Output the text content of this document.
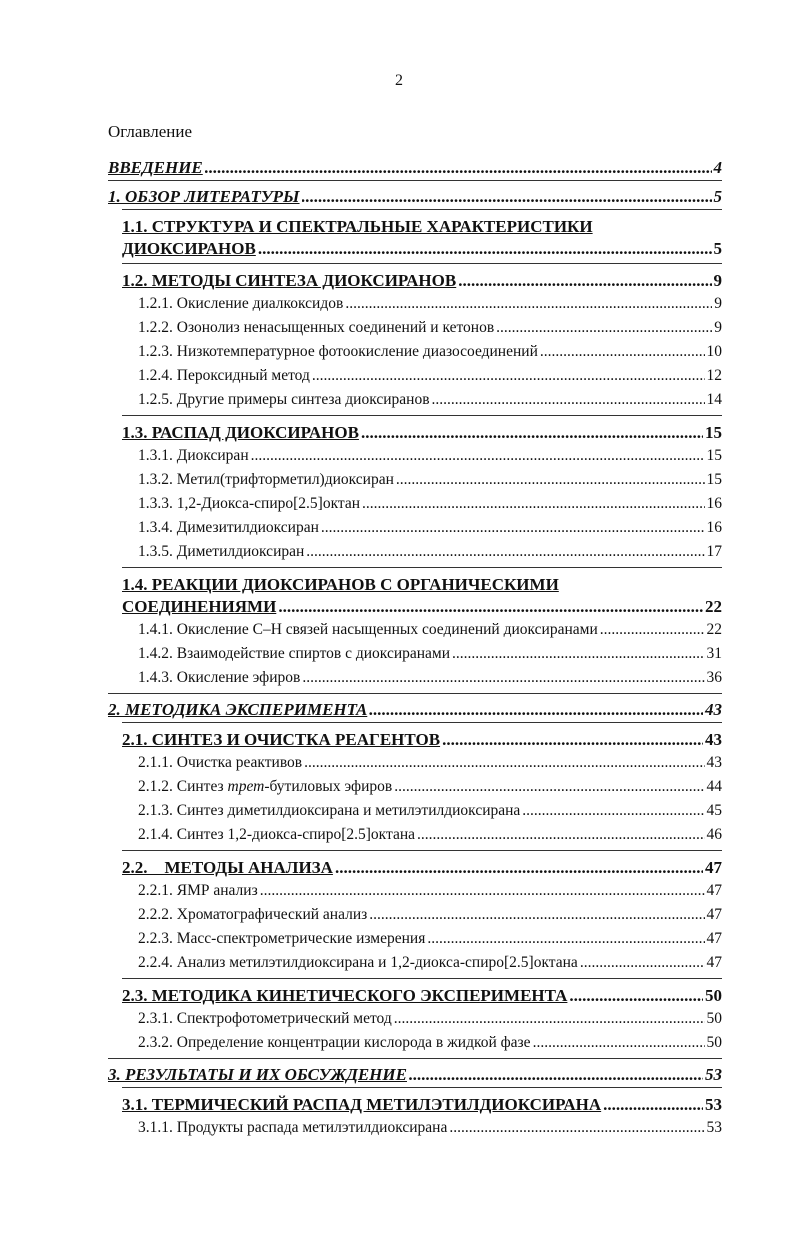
2
Оглавление
ВВЕДЕНИЕ .....	4
1. ОБЗОР ЛИТЕРАТУРЫ .....	5
1.1. СТРУКТУРА И СПЕКТРАЛЬНЫЕ ХАРАКТЕРИСТИКИ
ДИОКСИРАНОВ .....	5
1.2. МЕТОДЫ СИНТЕЗА ДИОКСИРАНОВ .....	9
1.2.1. Окисление диалкоксидов .....	9
1.2.2. Озонолиз ненасыщенных соединений и кетонов .....	9
1.2.3. Низкотемпературное фотоокисление диазосоединений .....	10
1.2.4. Пероксидный метод .....	12
1.2.5. Другие примеры синтеза диоксиранов .....	14
1.3. РАСПАД ДИОКСИРАНОВ .....	15
1.3.1. Диоксиран .....	15
1.3.2. Метил(трифторметил)диоксиран .....	15
1.3.3. 1,2-Диокса-спиро[2.5]октан .....	16
1.3.4. Димезитилдиоксиран .....	16
1.3.5. Диметилдиоксиран .....	17
1.4. РЕАКЦИИ ДИОКСИРАНОВ С ОРГАНИЧЕСКИМИ
СОЕДИНЕНИЯМИ .....	22
1.4.1. Окисление С–Н связей насыщенных соединений диоксиранами .....	22
1.4.2. Взаимодействие спиртов с диоксиранами .....	31
1.4.3. Окисление эфиров .....	36
2. МЕТОДИКА ЭКСПЕРИМЕНТА .....	43
2.1. СИНТЕЗ И ОЧИСТКА РЕАГЕНТОВ .....	43
2.1.1. Очистка реактивов .....	43
2.1.2. Синтез трет-бутиловых эфиров .....	44
2.1.3. Синтез диметилдиоксирана и метилэтилдиоксирана .....	45
2.1.4. Синтез 1,2-диокса-спиро[2.5]октана .....	46
2.2.    МЕТОДЫ АНАЛИЗА .....	47
2.2.1. ЯМР анализ .....	47
2.2.2. Хроматографический анализ .....	47
2.2.3. Масс-спектрометрические измерения .....	47
2.2.4. Анализ метилэтилдиоксирана и 1,2-диокса-спиро[2.5]октана .....	47
2.3. МЕТОДИКА КИНЕТИЧЕСКОГО ЭКСПЕРИМЕНТА .....	50
2.3.1. Спектрофотометрический метод .....	50
2.3.2. Определение концентрации кислорода в жидкой фазе .....	50
3. РЕЗУЛЬТАТЫ И ИХ ОБСУЖДЕНИЕ .....	53
3.1. ТЕРМИЧЕСКИЙ РАСПАД МЕТИЛЭТИЛДИОКСИРАНА .....	53
3.1.1. Продукты распада метилэтилдиоксирана .....	53
